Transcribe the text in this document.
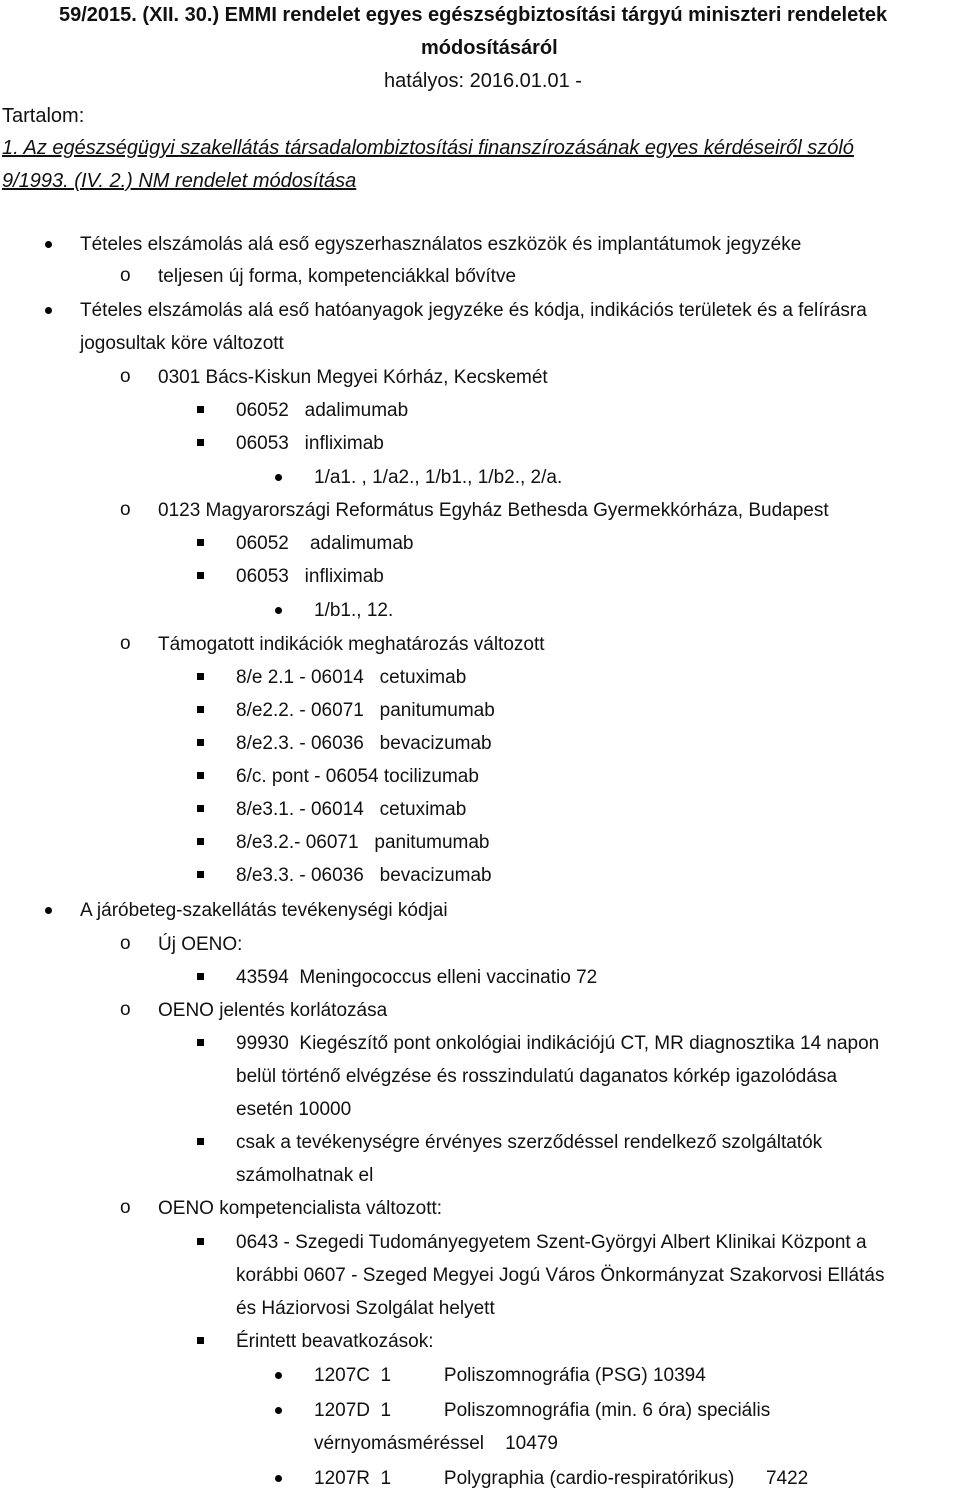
59/2015. (XII. 30.) EMMI rendelet egyes egészségbiztosítási tárgyú miniszteri rendeletek
módosításáról
hatályos: 2016.01.01 -
Tartalom:
1. Az egészségügyi szakellátás társadalombiztosítási finanszírozásának egyes kérdéseiről szóló
9/1993. (IV. 2.) NM rendelet módosítása
Tételes elszámolás alá eső egyszerhasználatos eszközök és implantátumok jegyzéke
o teljesen új forma, kompetenciákkal bővítve
Tételes elszámolás alá eső hatóanyagok jegyzéke és kódja, indikációs területek és a felírásra
jogosultak köre változott
o 0301 Bács-Kiskun Megyei Kórház, Kecskemét
06052   adalimumab
06053   infliximab
1/a1. , 1/a2., 1/b1., 1/b2., 2/a.
o 0123 Magyarországi Református Egyház Bethesda Gyermekkórháza, Budapest
06052    adalimumab
06053   infliximab
1/b1., 12.
o Támogatott indikációk meghatározás változott
8/e 2.1 - 06014   cetuximab
8/e2.2. - 06071   panitumumab
8/e2.3. - 06036   bevacizumab
6/c. pont - 06054 tocilizumab
8/e3.1. - 06014   cetuximab
8/e3.2.- 06071   panitumumab
8/e3.3. - 06036   bevacizumab
A járóbeteg-szakellátás tevékenységi kódjai
o Új OENO:
43594  Meningococcus elleni vaccinatio 72
o OENO jelentés korlátozása
99930  Kiegészítő pont onkológiai indikációjú CT, MR diagnosztika 14 napon
belül történő elvégzése és rosszindulatú daganatos kórkép igazolódása
esetén 10000
csak a tevékenységre érvényes szerződéssel rendelkező szolgáltatók
számolhatnak el
o OENO kompetencialista változott:
0643 - Szegedi Tudományegyetem Szent-Györgyi Albert Klinikai Központ a
korábbi 0607 - Szeged Megyei Jogú Város Önkormányzat Szakorvosi Ellátás
és Háziorvosi Szolgálat helyett
Érintett beavatkozások:
1207C  1          Poliszomnográfia (PSG) 10394
1207D  1          Poliszomnográfia (min. 6 óra) speciális
vérnyomásméréssel    10479
1207R  1          Polygraphia (cardio-respiratórikus)      7422
